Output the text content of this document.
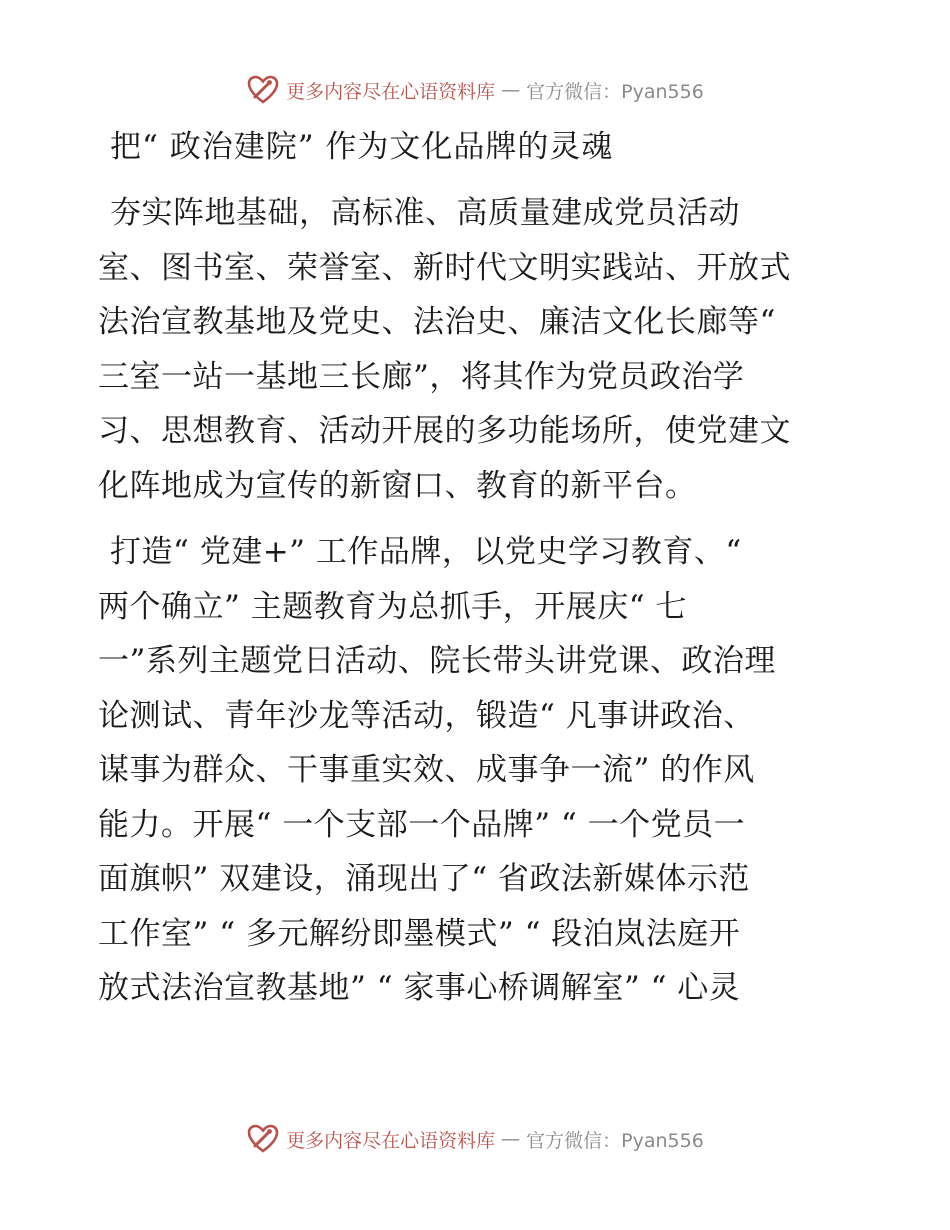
更多内容尽在心语资料库 — 官方微信：Pyan556
把“ 政治建院” 作为文化品牌的灵魂
夯实阵地基础，高标准、高质量建成党员活动
室、图书室、荣誉室、新时代文明实践站、开放式
法治宣教基地及党史、法治史、廉洁文化长廊等“
三室一站一基地三长廊”，将其作为党员政治学
习、思想教育、活动开展的多功能场所，使党建文
化阵地成为宣传的新窗口、教育的新平台。
打造“ 党建+” 工作品牌，以党史学习教育、“
两个确立” 主题教育为总抓手，开展庆“ 七
一”系列主题党日活动、院长带头讲党课、政治理
论测试、青年沙龙等活动，锻造“ 凡事讲政治、
谋事为群众、干事重实效、成事争一流” 的作风
能力。开展“ 一个支部一个品牌” “ 一个党员一
面旗帜” 双建设，涌现出了“ 省政法新媒体示范
工作室” “ 多元解纷即墨模式” “ 段泊岚法庭开
放式法治宣教基地” “ 家事心桥调解室” “ 心灵
更多内容尽在心语资料库 — 官方微信：Pyan556
